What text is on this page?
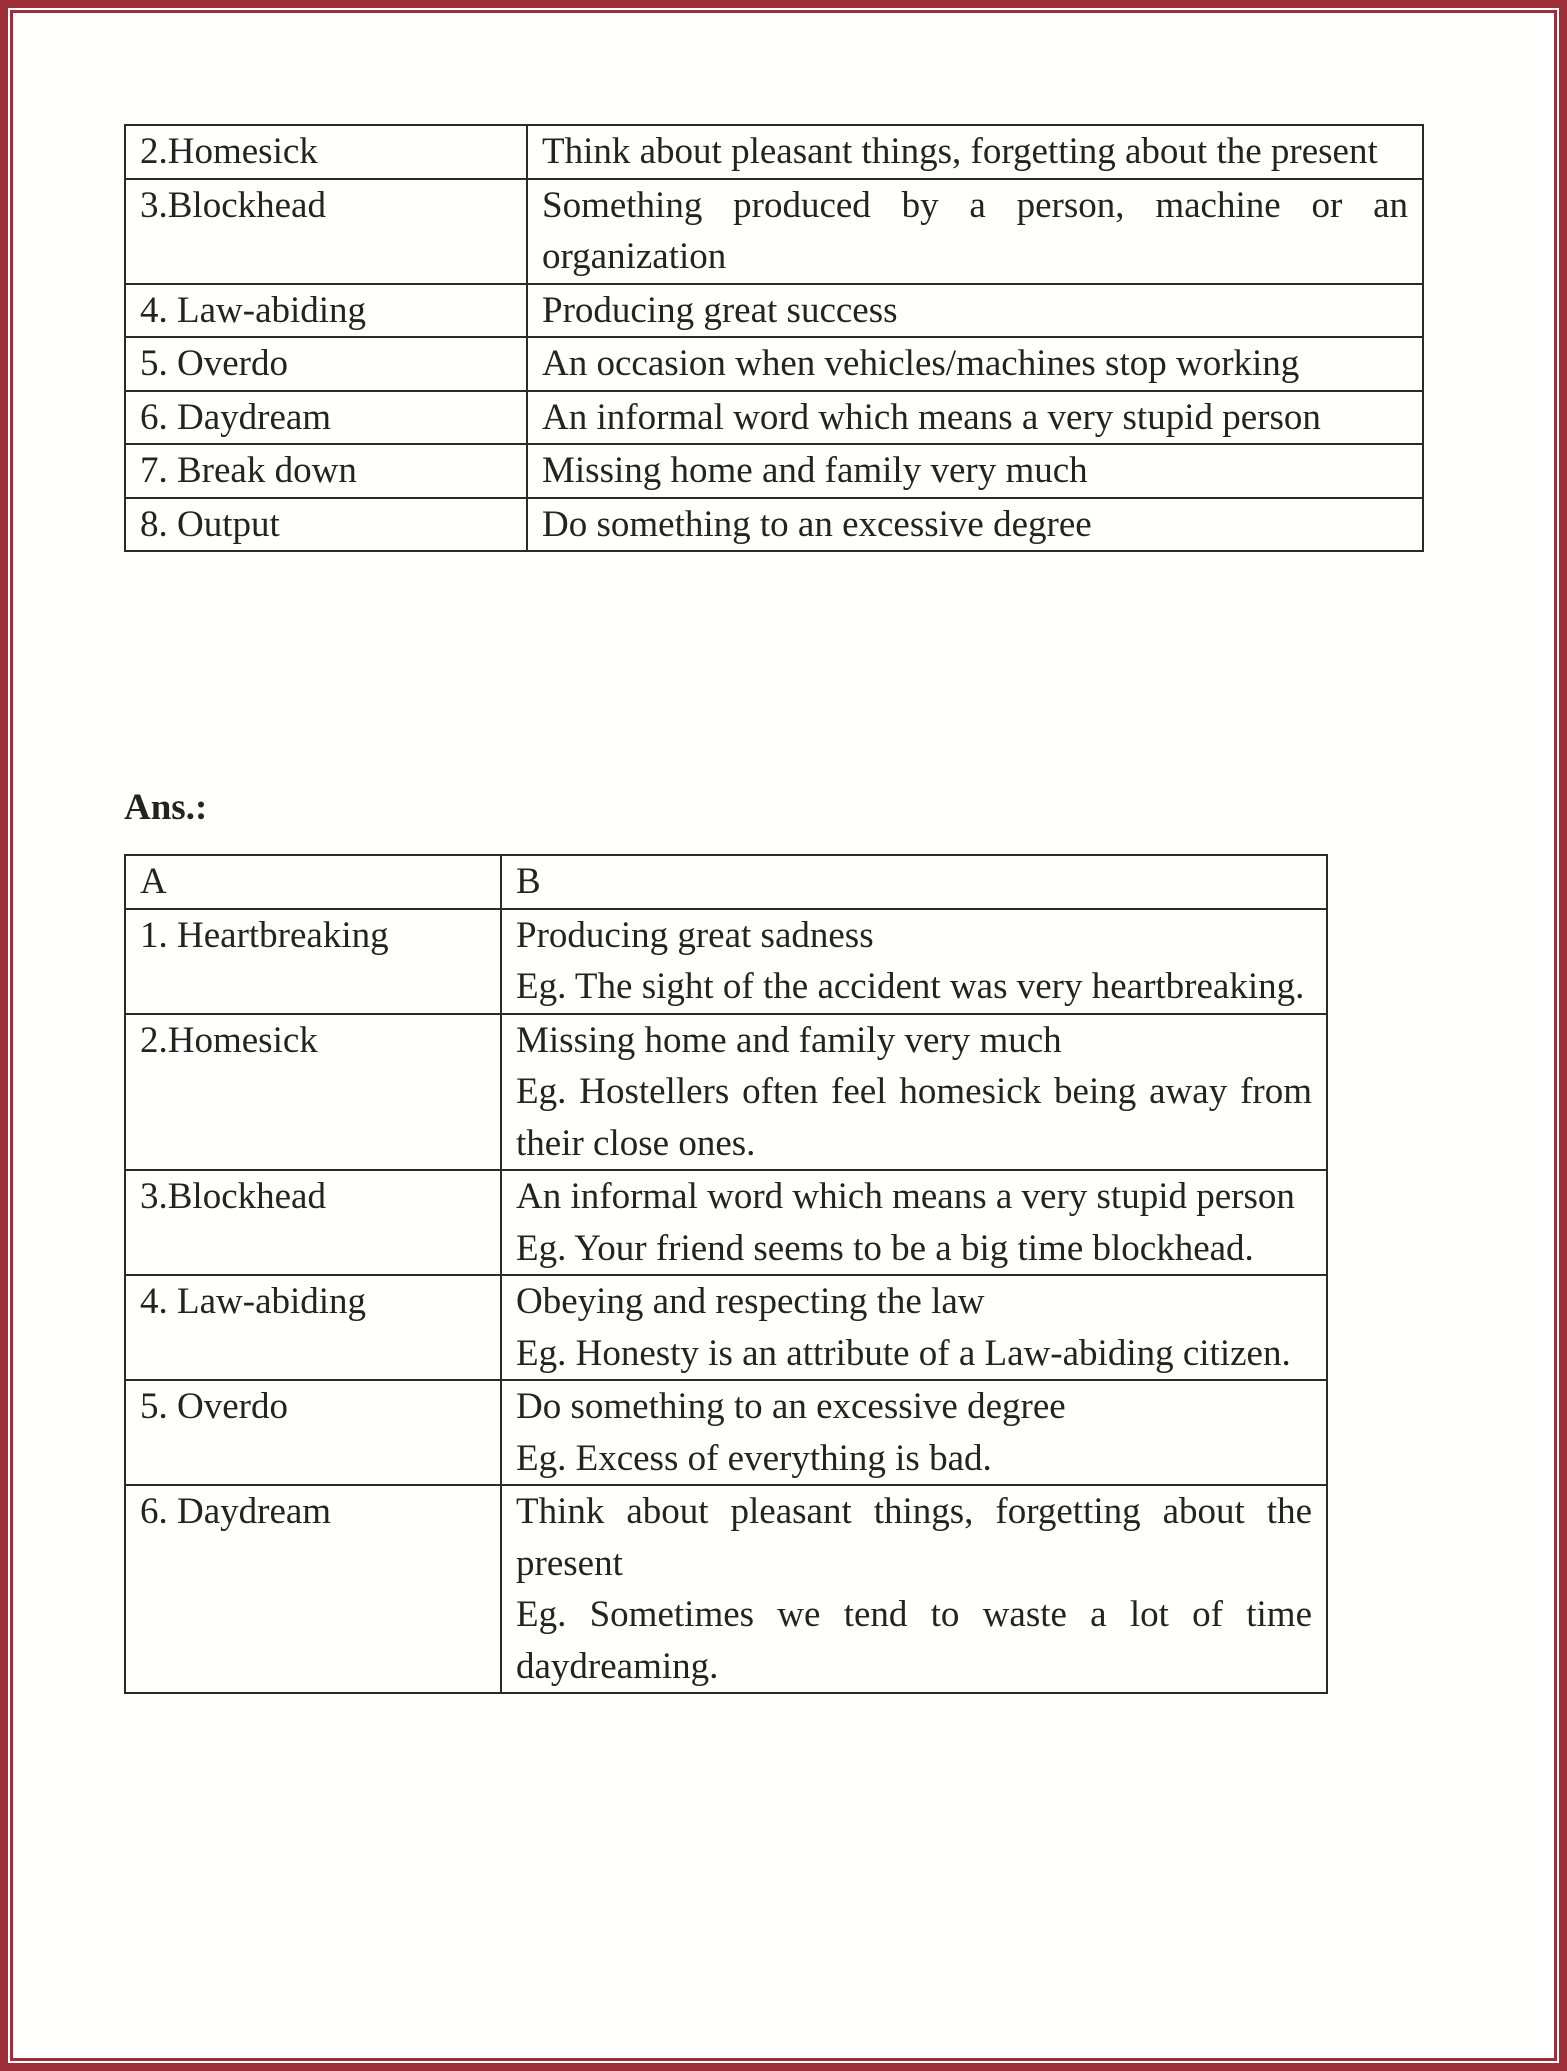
2.Homesick	Think about pleasant things, forgetting about the present
3.Blockhead	Something produced by a person, machine or an organization
4. Law-abiding	Producing great success
5. Overdo	An occasion when vehicles/machines stop working
6. Daydream	An informal word which means a very stupid person
7. Break down	Missing home and family very much
8. Output	Do something to an excessive degree
Ans.:
A	B
1. Heartbreaking	Producing great sadness
Eg. The sight of the accident was very heartbreaking.

2.Homesick	Missing home and family very much
Eg. Hostellers often feel homesick being away from their close ones.

3.Blockhead	An informal word which means a very stupid person
Eg. Your friend seems to be a big time blockhead.

4. Law-abiding	Obeying and respecting the law
Eg. Honesty is an attribute of a Law-abiding citizen.

5. Overdo	Do something to an excessive degree
Eg. Excess of everything is bad.

6. Daydream	Think about pleasant things, forgetting about the present
Eg. Sometimes we tend to waste a lot of time daydreaming.
